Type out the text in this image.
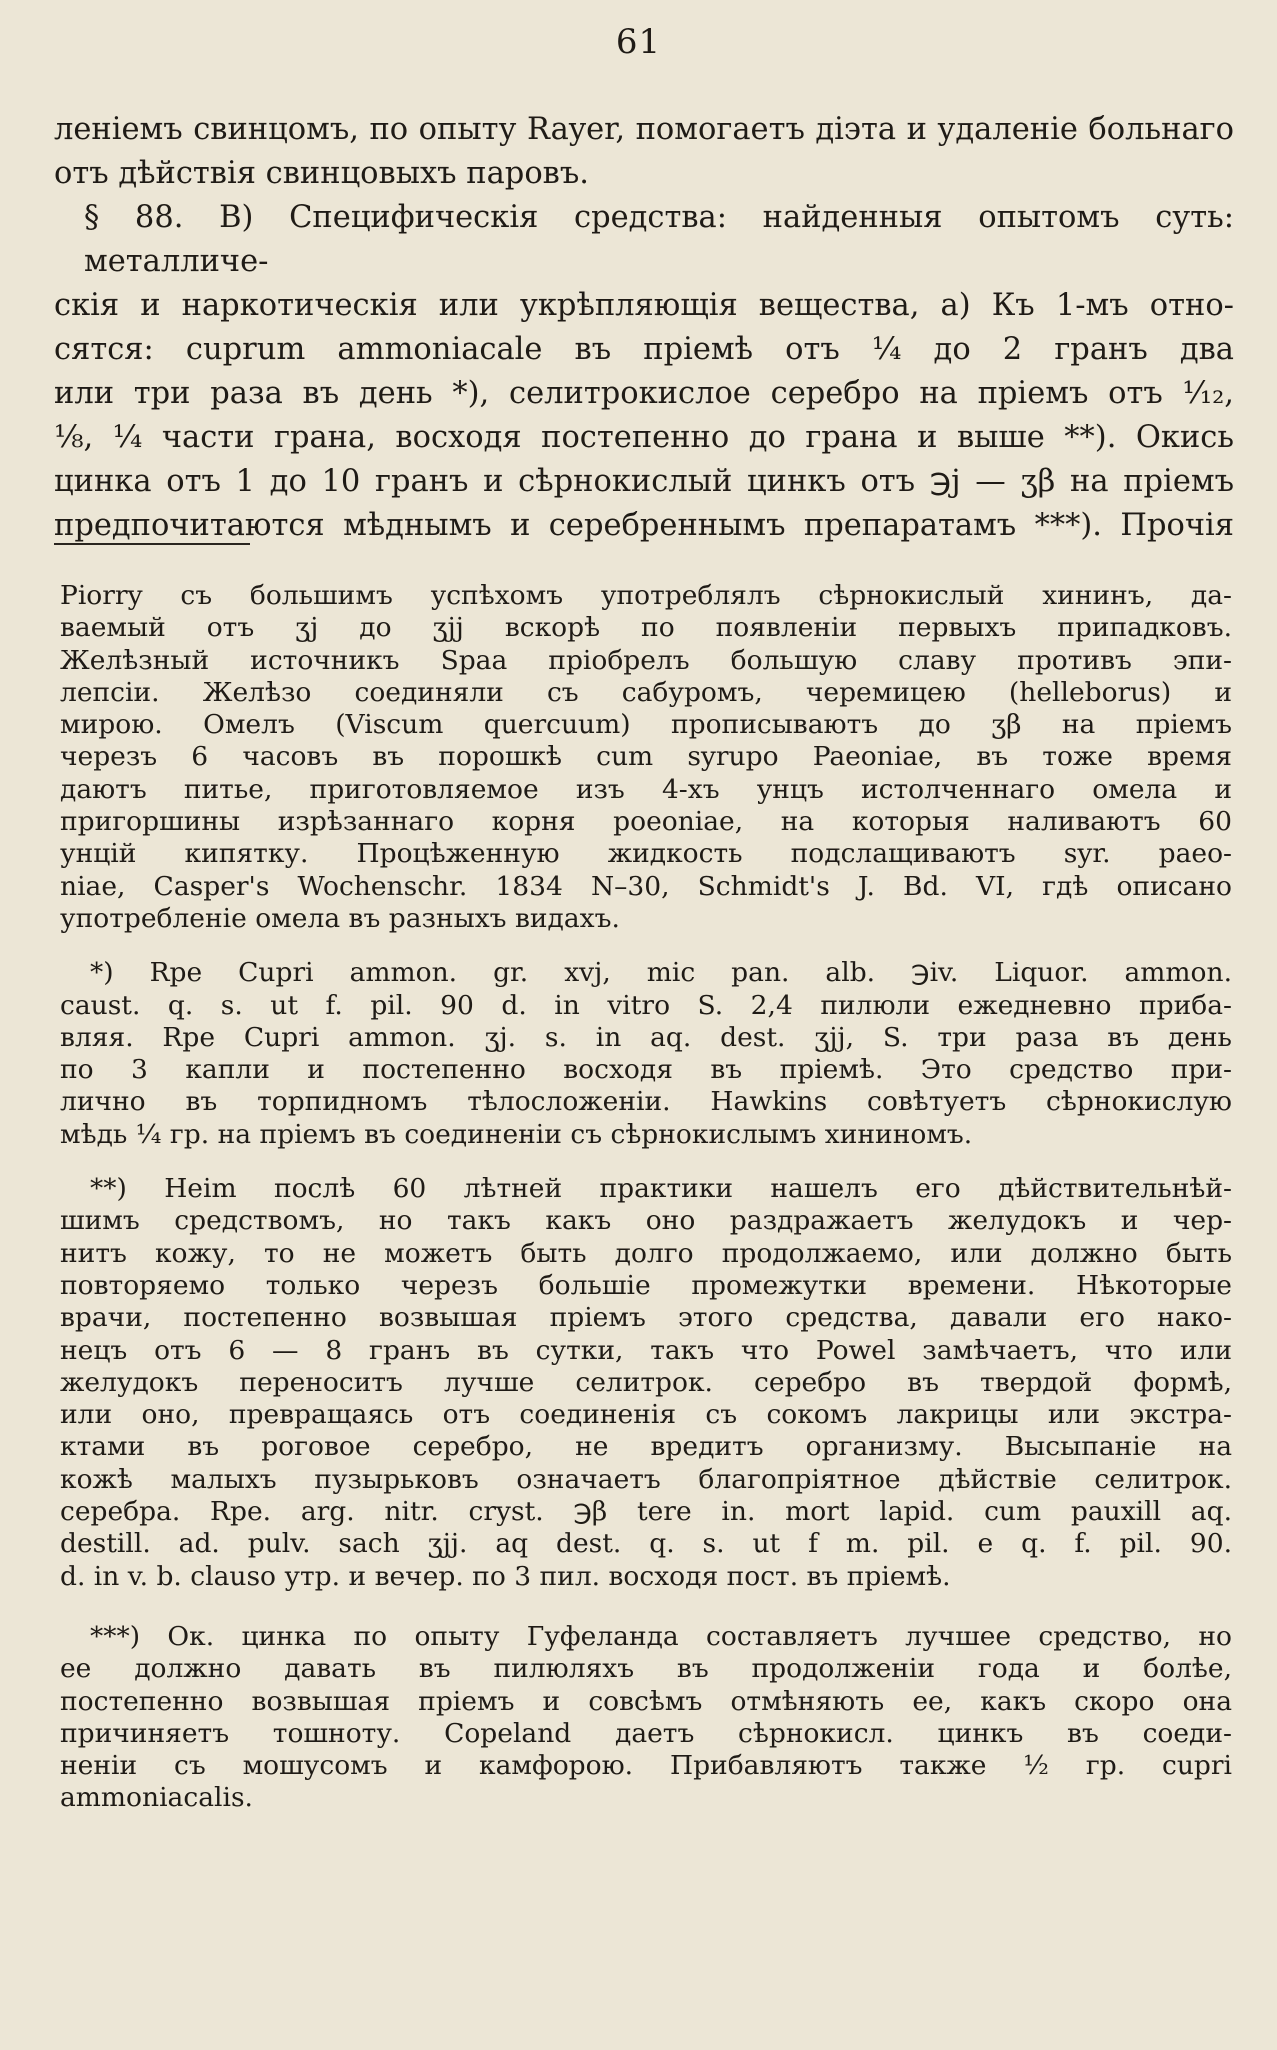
61
леніемъ свинцомъ, по опыту Rayer, помогаетъ діэта и удаленіе больнаго
отъ дѣйствія свинцовыхъ паровъ.
§ 88. B) Специфическія средства: найденныя опытомъ суть: металличе-
скія и наркотическія или укрѣпляющія вещества, a) Къ 1-мъ отно-
сятся: cuprum ammoniacale въ пріемѣ отъ ¼ до 2 гранъ два
или три раза въ день *), селитрокислое серебро на пріемъ отъ ¹⁄₁₂,
⅛, ¼ части грана, восходя постепенно до грана и выше **). Окись
цинка отъ 1 до 10 гранъ и сѣрнокислый цинкъ отъ ℈j — ʒβ на пріемъ
предпочитаются мѣднымъ и серебреннымъ препаратамъ ***). Прочія
Piorry съ большимъ успѣхомъ употреблялъ сѣрнокислый хининъ, да-
ваемый отъ ʒj до ʒjj вскорѣ по появленіи первыхъ припадковъ.
Желѣзный источникъ Spaa пріобрелъ большую славу противъ эпи-
лепсіи. Желѣзо соединяли съ сабуромъ, черемицею (helleborus) и
мирою. Омелъ (Viscum quercuum) прописываютъ до ʒβ на пріемъ
черезъ 6 часовъ въ порошкѣ cum syrupo Paeoniae, въ тоже время
даютъ питье, приготовляемое изъ 4-хъ унцъ истолченнаго омела и
пригоршины изрѣзаннаго корня poeoniae, на которыя наливаютъ 60
унцій кипятку. Процѣженную жидкость подслащиваютъ syr. paeo-
niae, Casper's Wochenschr. 1834 N–30, Schmidt's J. Bd. VI, гдѣ описано
употребленіе омела въ разныхъ видахъ.
*) Rpe Cupri ammon. gr. xvj, mic pan. alb. ℈iv. Liquor. ammon.
caust. q. s. ut f. pil. 90 d. in vitro S. 2,4 пилюли ежедневно приба-
вляя. Rpe Cupri ammon. ʒj. s. in aq. dest. ʒjj, S. три раза въ день
по 3 капли и постепенно восходя въ пріемѣ. Это средство при-
лично въ торпидномъ тѣлосложеніи. Hawkins совѣтуетъ сѣрнокислую
мѣдь ¼ гр. на пріемъ въ соединеніи съ сѣрнокислымъ хининомъ.
**) Heim послѣ 60 лѣтней практики нашелъ его дѣйствительнѣй-
шимъ средствомъ, но такъ какъ оно раздражаетъ желудокъ и чер-
нитъ кожу, то не можетъ быть долго продолжаемо, или должно быть
повторяемо только черезъ большіе промежутки времени. Нѣкоторые
врачи, постепенно возвышая пріемъ этого средства, давали его нако-
нецъ отъ 6 — 8 гранъ въ сутки, такъ что Powel замѣчаетъ, что или
желудокъ переноситъ лучше селитрок. серебро въ твердой формѣ,
или оно, превращаясь отъ соединенія съ сокомъ лакрицы или экстра-
ктами въ роговое серебро, не вредитъ организму. Высыпаніе на
кожѣ малыхъ пузырьковъ означаетъ благопріятное дѣйствіе селитрок.
серебра. Rpe. arg. nitr. cryst. ℈β tere in. mort lapid. cum pauxill aq.
destill. ad. pulv. sach ʒjj. aq dest. q. s. ut f m. pil. e q. f. pil. 90.
d. in v. b. clauso утр. и вечер. по 3 пил. восходя пост. въ пріемѣ.
***) Ок. цинка по опыту Гуфеланда составляетъ лучшее средство, но
ее должно давать въ пилюляхъ въ продолженіи года и болѣе,
постепенно возвышая пріемъ и совсѣмъ отмѣняють ее, какъ скоро она
причиняетъ тошноту. Copeland даетъ сѣрнокисл. цинкъ въ соеди-
неніи съ мошусомъ и камфорою. Прибавляютъ также ½ гр. cupri
ammoniacalis.
